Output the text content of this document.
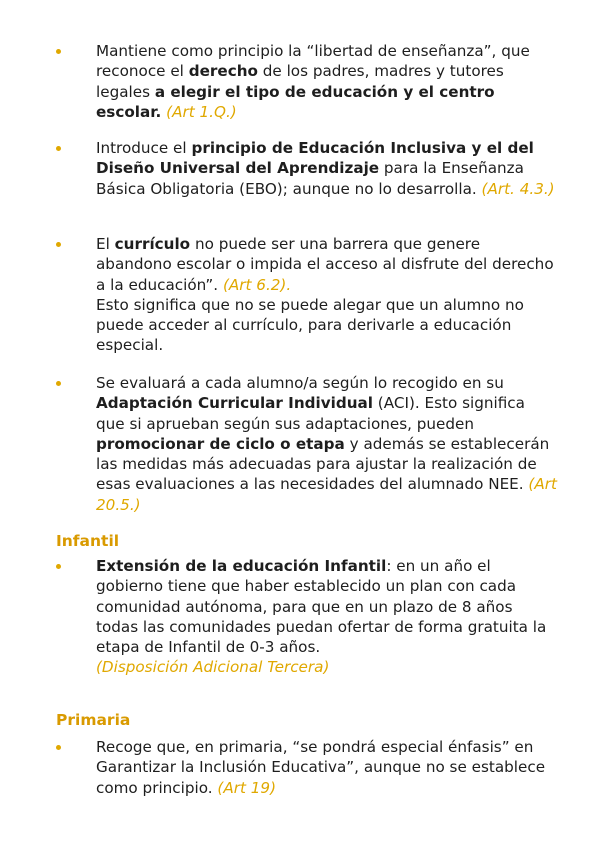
Mantiene como principio la “libertad de enseñanza”, que reconoce el derecho de los padres, madres y tutores legales a elegir el tipo de educación y el centro escolar. (Art 1.Q.)
Introduce el principio de Educación Inclusiva y el del Diseño Universal del Aprendizaje para la Enseñanza Básica Obligatoria (EBO); aunque no lo desarrolla. (Art. 4.3.)
El currículo no puede ser una barrera que genere abandono escolar o impida el acceso al disfrute del derecho a la educación”. (Art 6.2).
Esto significa que no se puede alegar que un alumno no puede acceder al currículo, para derivarle a educación especial.
Se evaluará a cada alumno/a según lo recogido en su Adaptación Curricular Individual (ACI). Esto significa que si aprueban según sus adaptaciones, pueden promocionar de ciclo o etapa y además se establecerán las medidas más adecuadas para ajustar la realización de esas evaluaciones a las necesidades del alumnado NEE. (Art 20.5.)
Infantil
Extensión de la educación Infantil: en un año el gobierno tiene que haber establecido un plan con cada comunidad autónoma, para que en un plazo de 8 años todas las comunidades puedan ofertar de forma gratuita la etapa de Infantil de 0-3 años.
(Disposición Adicional Tercera)
Primaria
Recoge que, en primaria, “se pondrá especial énfasis” en Garantizar la Inclusión Educativa”, aunque no se establece como principio. (Art 19)
